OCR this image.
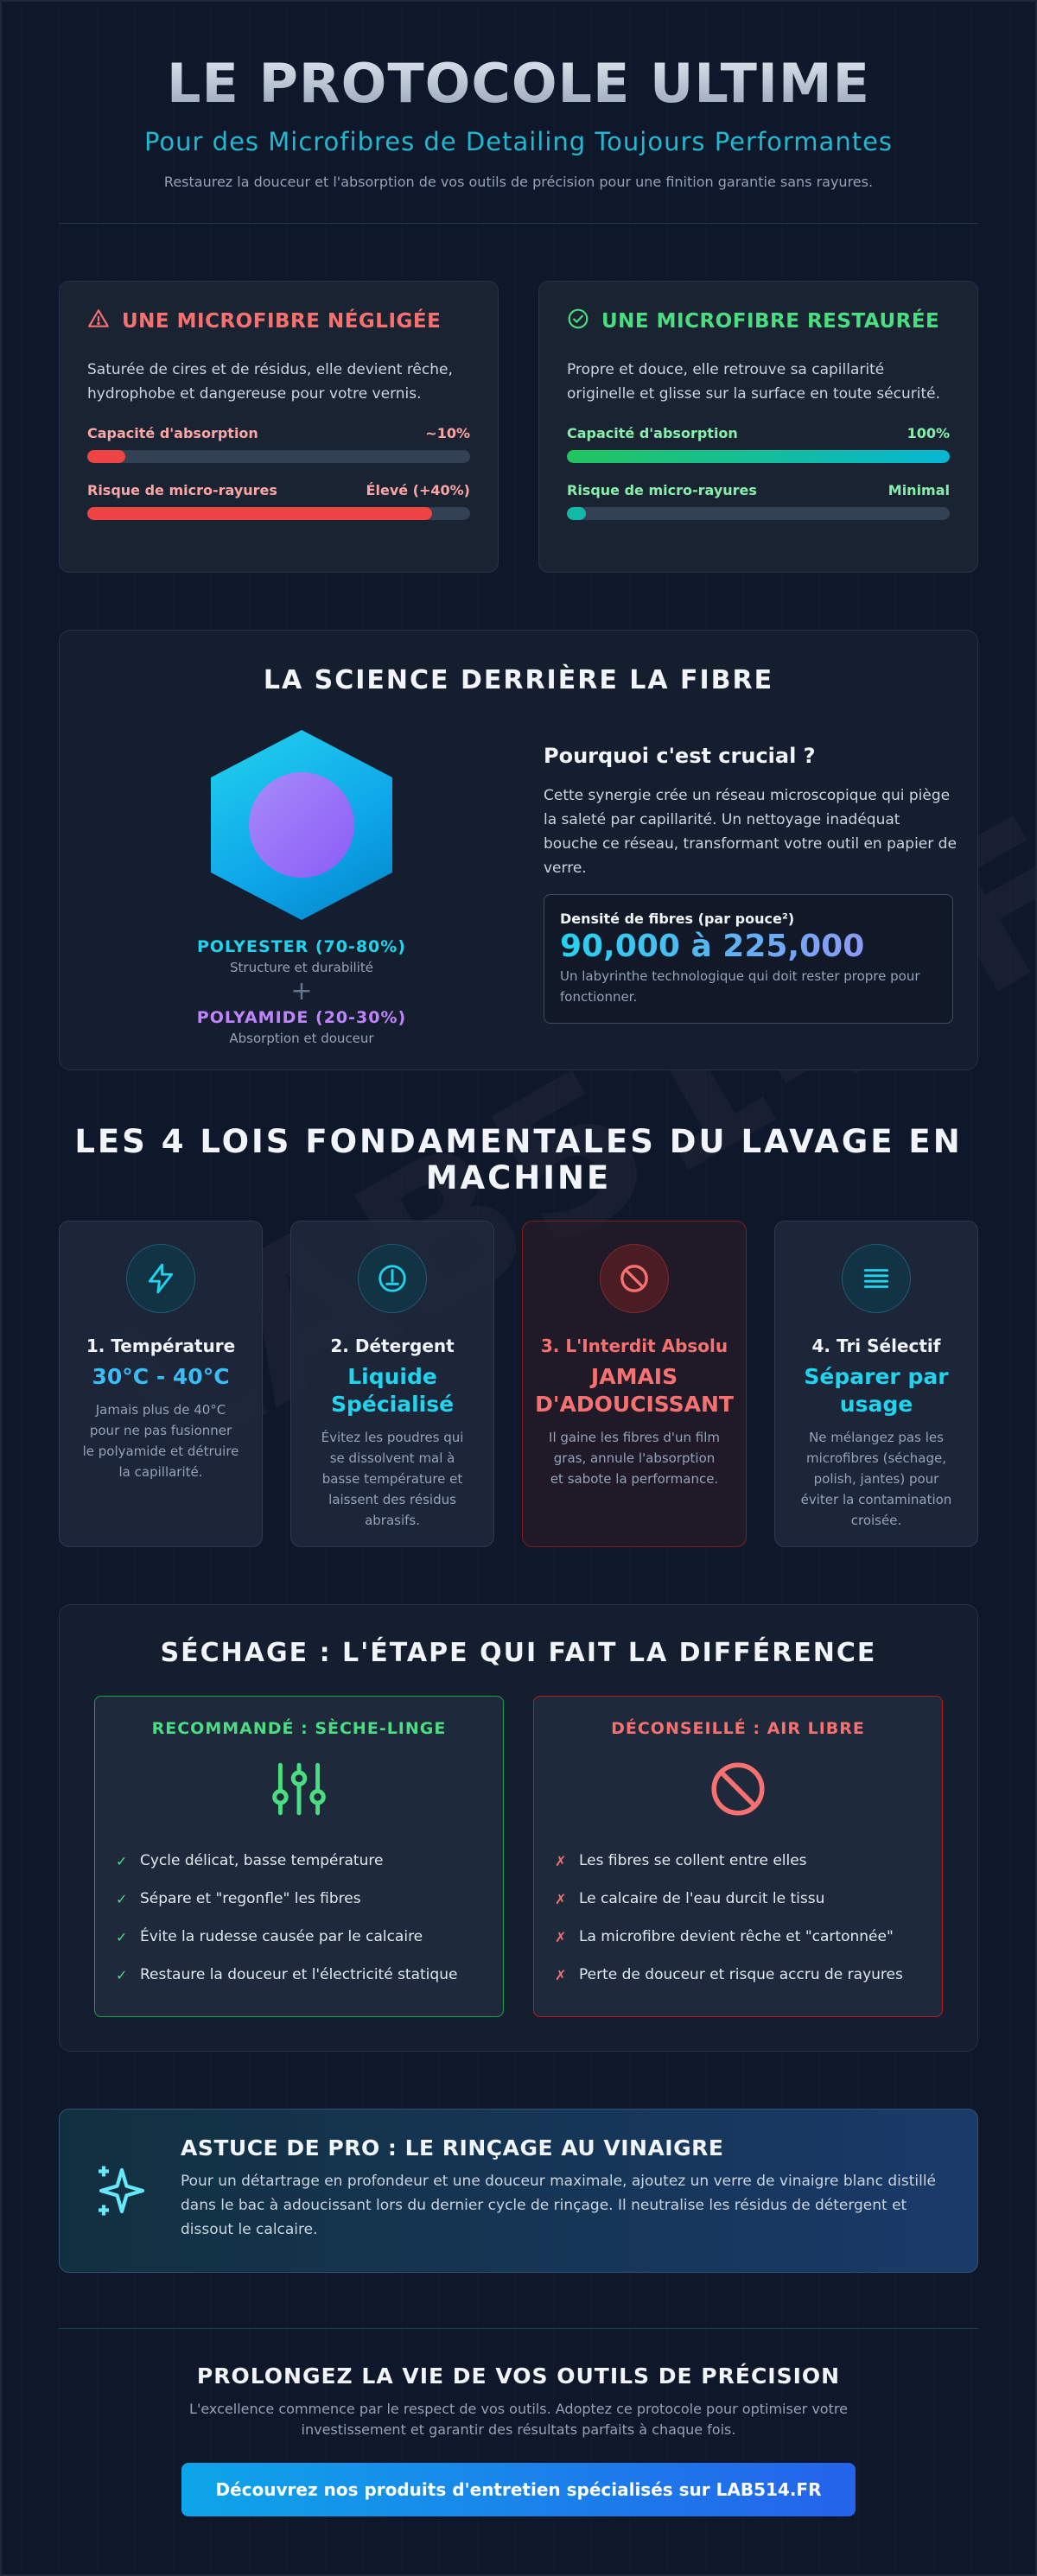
LE PROTOCOLE ULTIME
Pour des Microfibres de Detailing Toujours Performantes
Restaurez la douceur et l'absorption de vos outils de précision pour une finition garantie sans rayures.
UNE MICROFIBRE NÉGLIGÉE

Saturée de cires et de résidus, elle devient rêche, hydrophobe et dangereuse pour votre vernis.

Capacité d'absorption	~10%
Risque de micro-rayures	Élevé (+40%)
UNE MICROFIBRE RESTAURÉE

Propre et douce, elle retrouve sa capillarité originelle et glisse sur la surface en toute sécurité.

Capacité d'absorption	100%
Risque de micro-rayures	Minimal
LA SCIENCE DERRIÈRE LA FIBRE
POLYESTER (70-80%)
Structure et durabilité
+
POLYAMIDE (20-30%)
Absorption et douceur
Pourquoi c'est crucial ?

Cette synergie crée un réseau microscopique qui piège la saleté par capillarité. Un nettoyage inadéquat bouche ce réseau, transformant votre outil en papier de verre.

Densité de fibres (par pouce²)
90,000 à 225,000
Un labyrinthe technologique qui doit rester propre pour fonctionner.
LES 4 LOIS FONDAMENTALES DU LAVAGE EN MACHINE
1. Température
30°C - 40°C
Jamais plus de 40°C pour ne pas fusionner le polyamide et détruire la capillarité.
2. Détergent
Liquide Spécialisé
Évitez les poudres qui se dissolvent mal à basse température et laissent des résidus abrasifs.
3. L'Interdit Absolu
JAMAIS D'ADOUCISSANT
Il gaine les fibres d'un film gras, annule l'absorption et sabote la performance.
4. Tri Sélectif
Séparer par usage
Ne mélangez pas les microfibres (séchage, polish, jantes) pour éviter la contamination croisée.
SÉCHAGE : L'ÉTAPE QUI FAIT LA DIFFÉRENCE
RECOMMANDÉ : SÈCHE-LINGE
✓ Cycle délicat, basse température
✓ Sépare et "regonfle" les fibres
✓ Évite la rudesse causée par le calcaire
✓ Restaure la douceur et l'électricité statique
DÉCONSEILLÉ : AIR LIBRE
✗ Les fibres se collent entre elles
✗ Le calcaire de l'eau durcit le tissu
✗ La microfibre devient rêche et "cartonnée"
✗ Perte de douceur et risque accru de rayures
ASTUCE DE PRO : LE RINÇAGE AU VINAIGRE

Pour un détartrage en profondeur et une douceur maximale, ajoutez un verre de vinaigre blanc distillé dans le bac à adoucissant lors du dernier cycle de rinçage. Il neutralise les résidus de détergent et dissout le calcaire.

PROLONGEZ LA VIE DE VOS OUTILS DE PRÉCISION

L'excellence commence par le respect de vos outils. Adoptez ce protocole pour optimiser votre
investissement et garantir des résultats parfaits à chaque fois.

Découvrez nos produits d'entretien spécialisés sur LAB514.FR
